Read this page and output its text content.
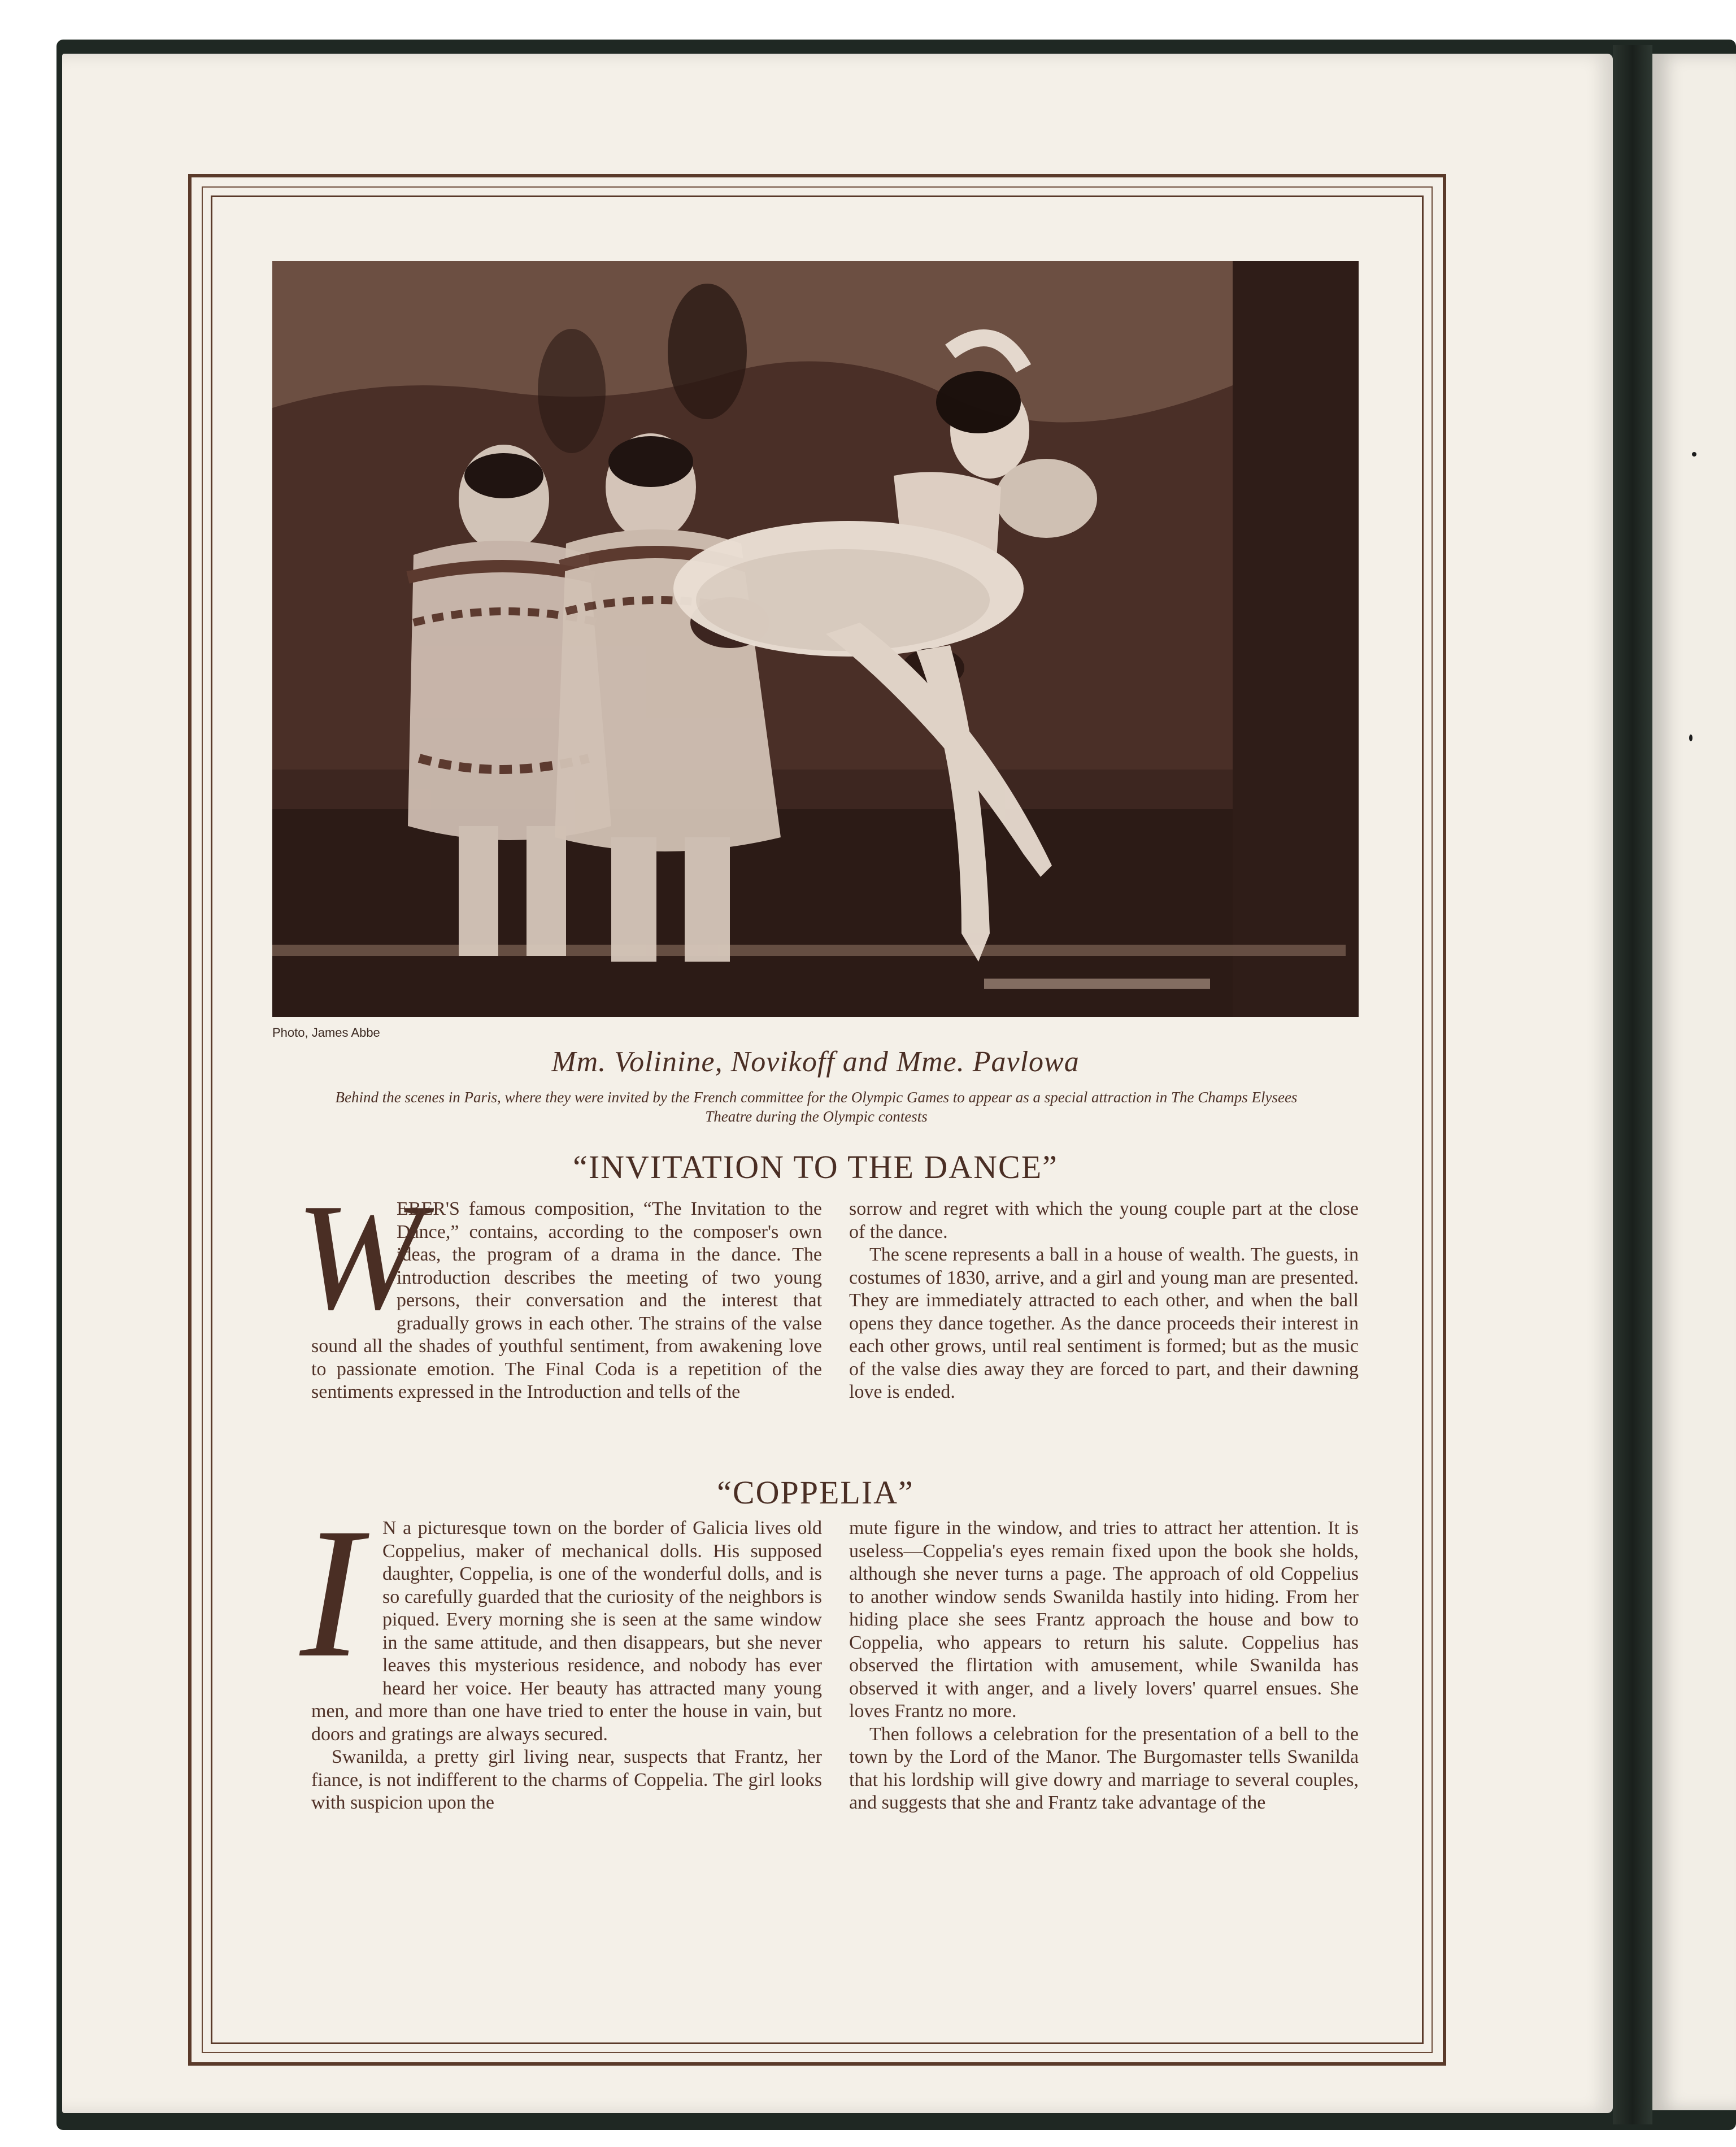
Photo, James Abbe
Mm. Volinine, Novikoff and Mme. Pavlowa
Behind the scenes in Paris, where they were invited by the French committee for the Olympic Games to appear as a special attraction in The Champs Elysees Theatre during the Olympic contests
“INVITATION TO THE DANCE”
W

EBER'S famous composition, “The Invitation to the Dance,” contains, according to the composer's own ideas, the program of a drama in the dance. The introduction describes the meeting of two young persons, their conversation and the interest that gradually grows in each other. The strains of the valse sound all the shades of youthful sentiment, from awakening love to passionate emotion. The Final Coda is a repetition of the sentiments expressed in the Introduction and tells of the

sorrow and regret with which the young couple part at the close of the dance.

The scene represents a ball in a house of wealth. The guests, in costumes of 1830, arrive, and a girl and young man are presented. They are immediately attracted to each other, and when the ball opens they dance together. As the dance proceeds their interest in each other grows, until real sentiment is formed; but as the music of the valse dies away they are forced to part, and their dawning love is ended.

“COPPELIA”
I	N a picturesque town on the border of Galicia lives old Coppelius, maker of mechanical dolls. His supposed daughter, Coppelia, is one of the wonderful dolls, and is so carefully guarded that the curiosity of the neighbors is piqued. Every morning she is seen at the same window in the same attitude, and then disappears, but she never leaves this mysterious residence, and nobody has ever heard her voice. Her beauty has attracted many young men, and more than one have tried to enter the house in vain, but doors and gratings are always secured.

Swanilda, a pretty girl living near, suspects that Frantz, her fiance, is not indifferent to the charms of Coppelia. The girl looks with suspicion upon the

mute figure in the window, and tries to attract her attention. It is useless—Coppelia's eyes remain fixed upon the book she holds, although she never turns a page. The approach of old Coppelius to another window sends Swanilda hastily into hiding. From her hiding place she sees Frantz approach the house and bow to Coppelia, who appears to return his salute. Coppelius has observed the flirtation with amusement, while Swanilda has observed it with anger, and a lively lovers' quarrel ensues. She loves Frantz no more.

Then follows a celebration for the presentation of a bell to the town by the Lord of the Manor. The Burgomaster tells Swanilda that his lordship will give dowry and marriage to several couples, and suggests that she and Frantz take advantage of the
